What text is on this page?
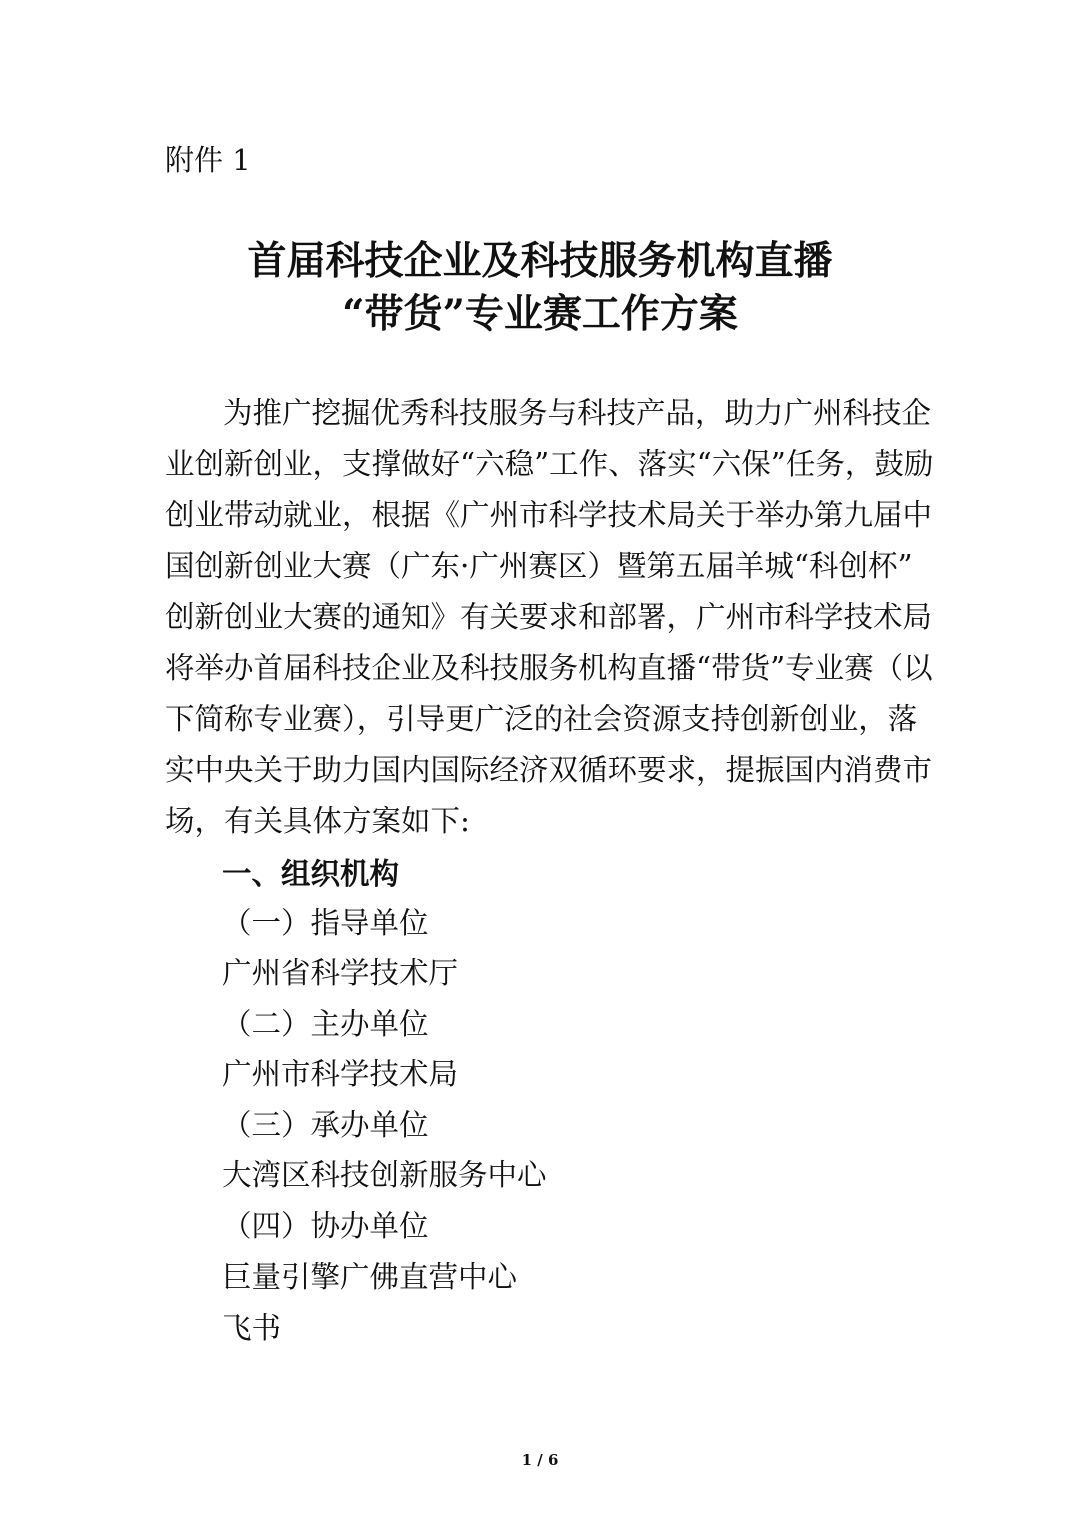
附件 1
首届科技企业及科技服务机构直播
“带货”专业赛工作方案
为推广挖掘优秀科技服务与科技产品，助力广州科技企
业创新创业，支撑做好“六稳”工作、落实“六保”任务，鼓励
创业带动就业，根据《广州市科学技术局关于举办第九届中
国创新创业大赛（广东·广州赛区）暨第五届羊城“科创杯”
创新创业大赛的通知》有关要求和部署，广州市科学技术局
将举办首届科技企业及科技服务机构直播“带货”专业赛（以
下简称专业赛），引导更广泛的社会资源支持创新创业，落
实中央关于助力国内国际经济双循环要求，提振国内消费市
场，有关具体方案如下:
一、组织机构
（一）指导单位
广州省科学技术厅
（二）主办单位
广州市科学技术局
（三）承办单位
大湾区科技创新服务中心
（四）协办单位
巨量引擎广佛直营中心
飞书
1 / 6
